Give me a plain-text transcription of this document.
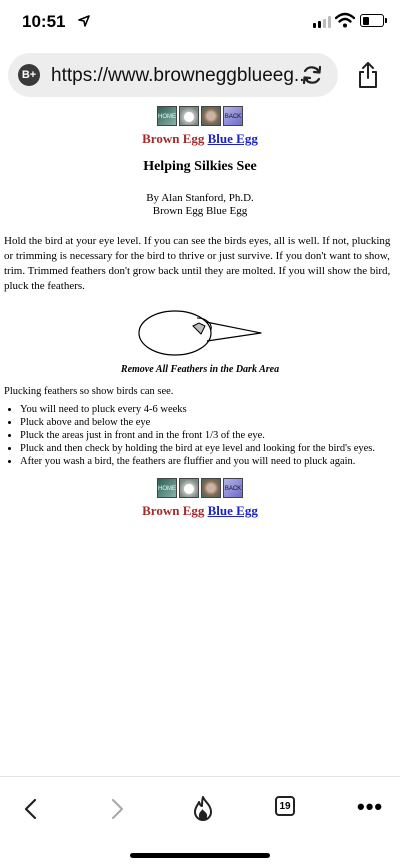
10:51
B+ https://www.browneggblueeg...
HOME	BACK
Brown Egg Blue Egg
Helping Silkies See
By Alan Stanford, Ph.D.
Brown Egg Blue Egg

Hold the bird at your eye level. If you can see the birds eyes, all is well. If not, plucking or trimming is necessary for the bird to thrive or just survive. If you don't want to show, trim. Trimmed feathers don't grow back until they are molted. If you will show the bird, pluck the feathers.

Remove All Feathers in the Dark Area

Plucking feathers so show birds can see.

• You will need to pluck every 4-6 weeks
• Pluck above and below the eye
• Pluck the areas just in front and in the front 1/3 of the eye.
• Pluck and then check by holding the bird at eye level and looking for the bird's eyes.
• After you wash a bird, the feathers are fluffier and you will need to pluck again.
HOME	BACK
Brown Egg Blue Egg
19	•••
